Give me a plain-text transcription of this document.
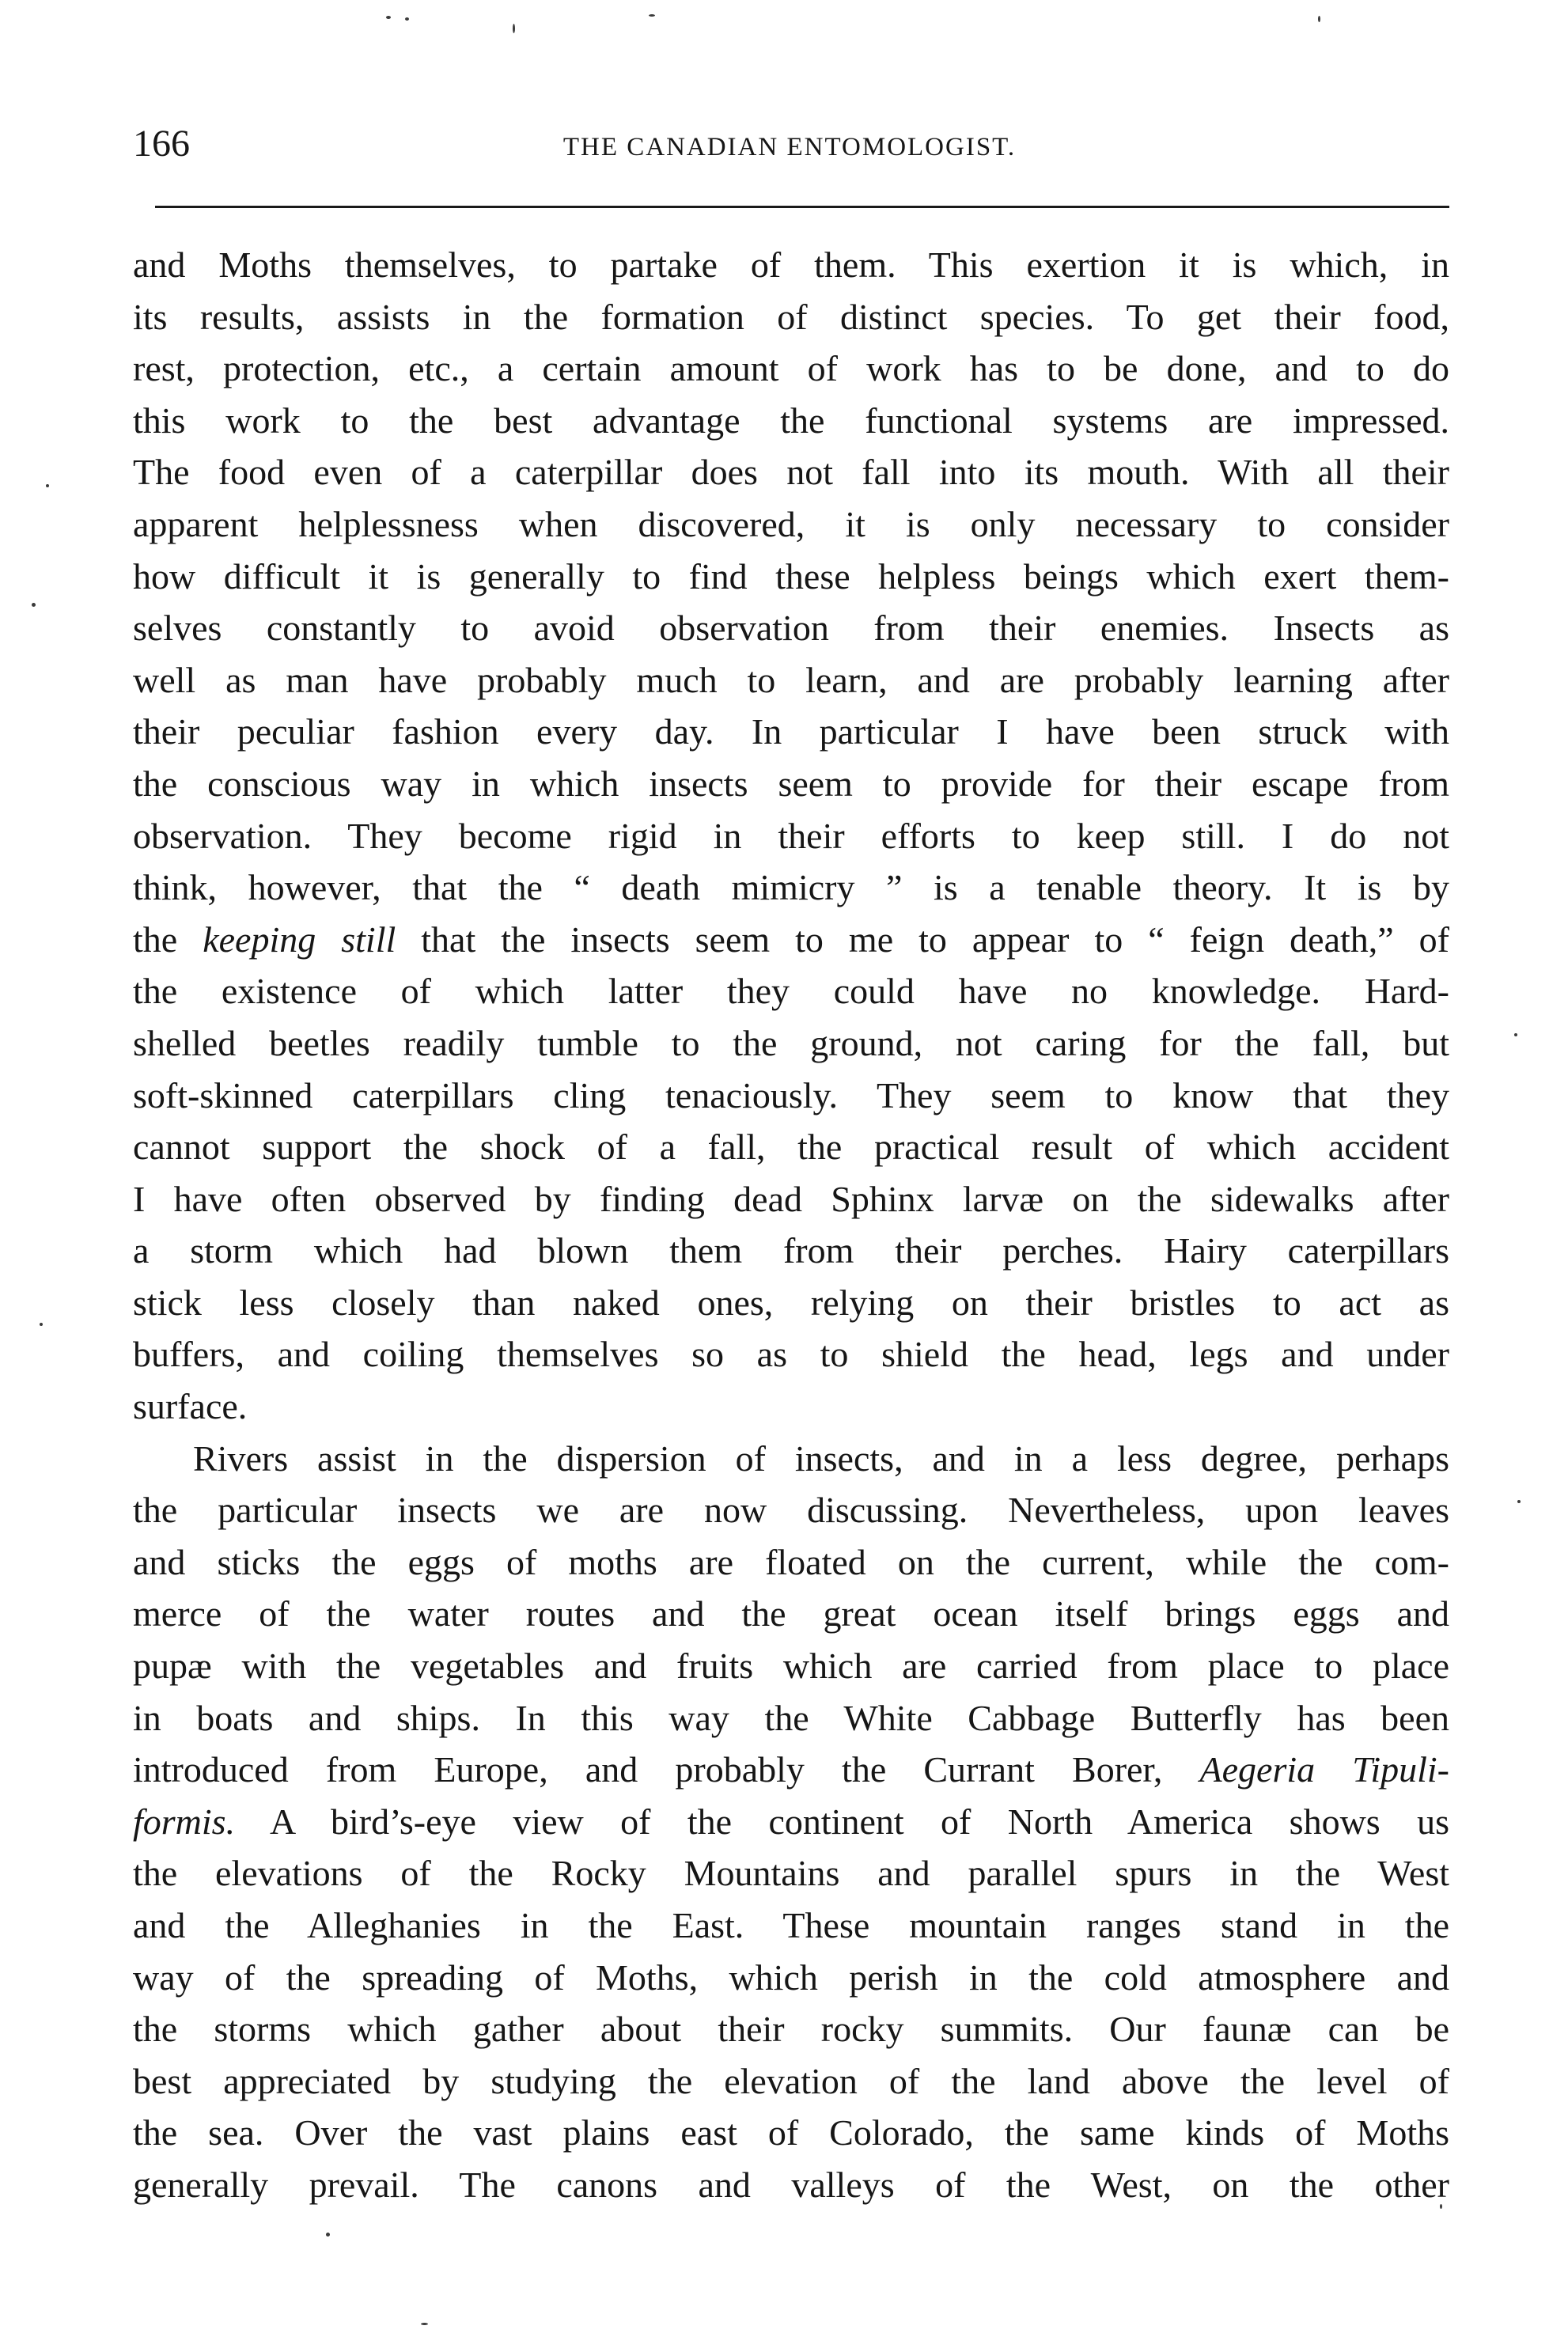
166	THE CANADIAN ENTOMOLOGIST.
and Moths themselves, to partake of them. This exertion it is which, in
its results, assists in the formation of distinct species. To get their food,
rest, protection, etc., a certain amount of work has to be done, and to do
this work to the best advantage the functional systems are impressed.
The food even of a caterpillar does not fall into its mouth. With all their
apparent helplessness when discovered, it is only necessary to consider
how difficult it is generally to find these helpless beings which exert them-
selves constantly to avoid observation from their enemies. Insects as
well as man have probably much to learn, and are probably learning after
their peculiar fashion every day. In particular I have been struck with
the conscious way in which insects seem to provide for their escape from
observation. They become rigid in their efforts to keep still. I do not
think, however, that the “ death mimicry ” is a tenable theory. It is by
the keeping still that the insects seem to me to appear to “ feign death,” of
the existence of which latter they could have no knowledge. Hard-
shelled beetles readily tumble to the ground, not caring for the fall, but
soft-skinned caterpillars cling tenaciously. They seem to know that they
cannot support the shock of a fall, the practical result of which accident
I have often observed by finding dead Sphinx larvæ on the sidewalks after
a storm which had blown them from their perches. Hairy caterpillars
stick less closely than naked ones, relying on their bristles to act as
buffers, and coiling themselves so as to shield the head, legs and under
surface.
Rivers assist in the dispersion of insects, and in a less degree, perhaps
the particular insects we are now discussing. Nevertheless, upon leaves
and sticks the eggs of moths are floated on the current, while the com-
merce of the water routes and the great ocean itself brings eggs and
pupæ with the vegetables and fruits which are carried from place to place
in boats and ships. In this way the White Cabbage Butterfly has been
introduced from Europe, and probably the Currant Borer, Aegeria Tipuli-
formis. A bird’s-eye view of the continent of North America shows us
the elevations of the Rocky Mountains and parallel spurs in the West
and the Alleghanies in the East. These mountain ranges stand in the
way of the spreading of Moths, which perish in the cold atmosphere and
the storms which gather about their rocky summits. Our faunæ can be
best appreciated by studying the elevation of the land above the level of
the sea. Over the vast plains east of Colorado, the same kinds of Moths
generally prevail. The canons and valleys of the West, on the other
